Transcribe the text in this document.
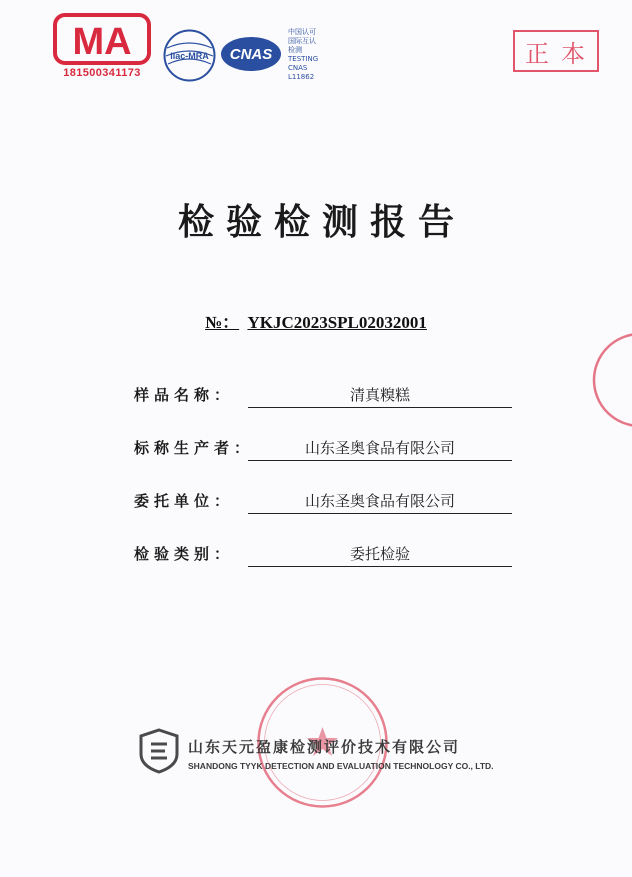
MA
181500341173
ilac-MRA CNAS
中国认可
国际互认
检测
TESTING
CNAS L11862
正本
检验检测报告
№： YKJC2023SPL02032001
样品名称：	清真糗糕
标称生产者：	山东圣奥食品有限公司
委托单位：	山东圣奥食品有限公司
检验类别：	委托检验
山东天元盈康检测评价技术有限公司
SHANDONG TYYK DETECTION AND EVALUATION TECHNOLOGY CO., LTD.
